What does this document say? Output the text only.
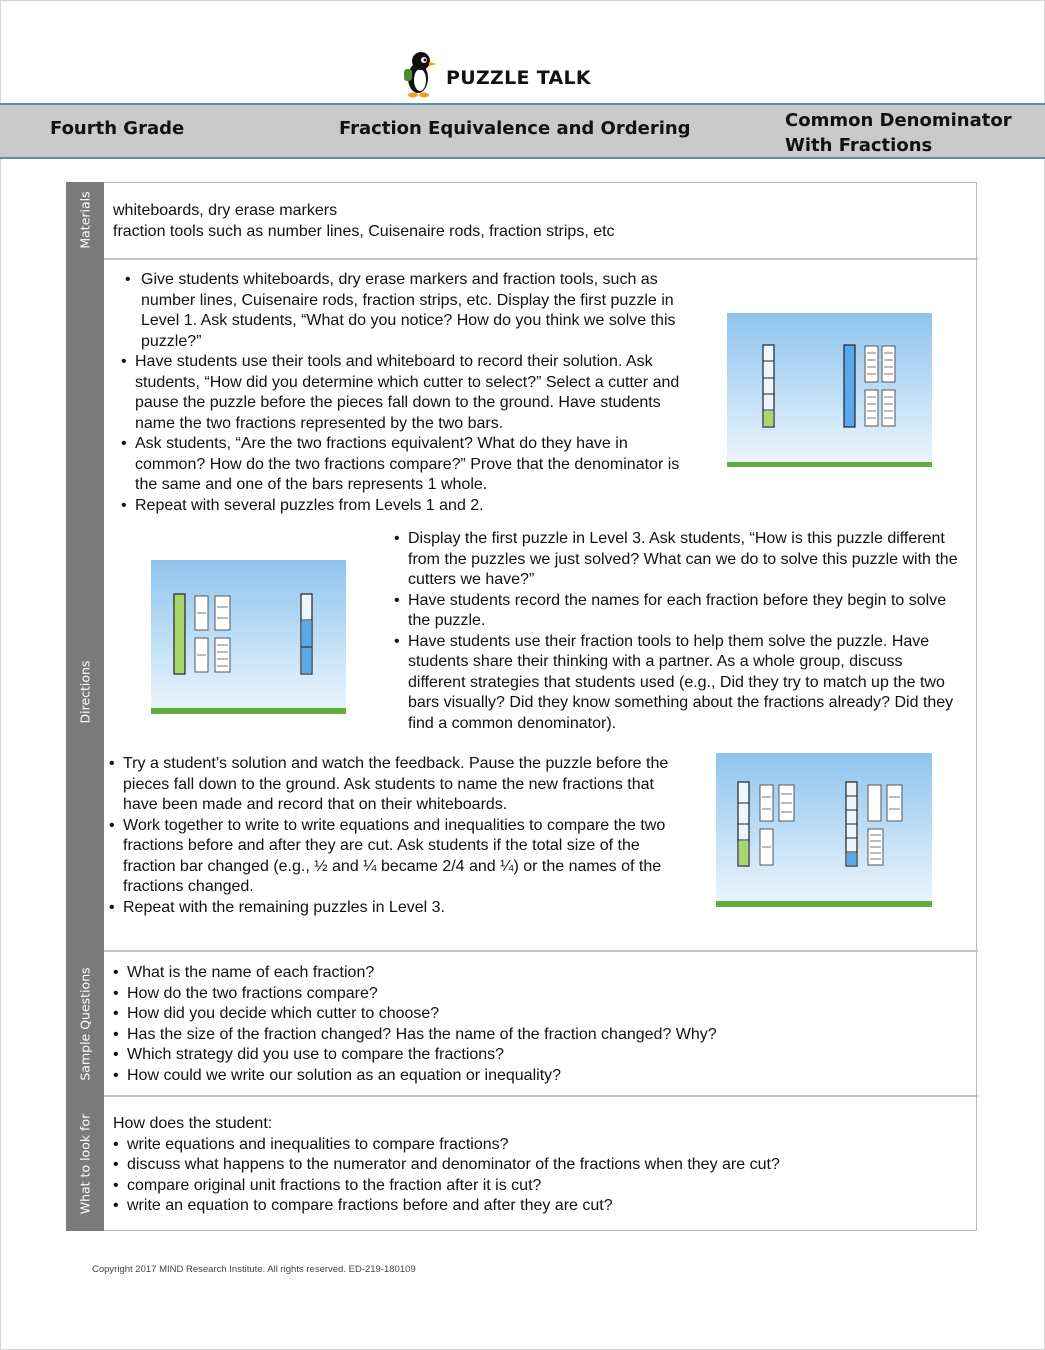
PUZZLE TALK
Fourth Grade	Fraction Equivalence and Ordering	Common Denominator
With Fractions
Materials
Directions
Sample Questions
What to look for
whiteboards, dry erase markers
fraction tools such as number lines, Cuisenaire rods, fraction strips, etc
• Give students whiteboards, dry erase markers and fraction tools, such as number lines, Cuisenaire rods, fraction strips, etc. Display the first puzzle in Level 1. Ask students, “What do you notice? How do you think we solve this puzzle?”
• Have students use their tools and whiteboard to record their solution. Ask students, “How did you determine which cutter to select?” Select a cutter and pause the puzzle before the pieces fall down to the ground. Have students name the two fractions represented by the two bars.
• Ask students, “Are the two fractions equivalent? What do they have in common? How do the two fractions compare?” Prove that the denominator is the same and one of the bars represents 1 whole.
• Repeat with several puzzles from Levels 1 and 2.
• Display the first puzzle in Level 3. Ask students, “How is this puzzle different from the puzzles we just solved? What can we do to solve this puzzle with the cutters we have?”
• Have students record the names for each fraction before they begin to solve the puzzle.
• Have students use their fraction tools to help them solve the puzzle. Have students share their thinking with a partner. As a whole group, discuss different strategies that students used (e.g., Did they try to match up the two bars visually? Did they know something about the fractions already? Did they find a common denominator).
• Try a student’s solution and watch the feedback. Pause the puzzle before the pieces fall down to the ground. Ask students to name the new fractions that have been made and record that on their whiteboards.
• Work together to write to write equations and inequalities to compare the two fractions before and after they are cut. Ask students if the total size of the fraction bar changed (e.g., ½ and ¼ became 2/4 and ¼) or the names of the fractions changed.
• Repeat with the remaining puzzles in Level 3.
• What is the name of each fraction?
• How do the two fractions compare?
• How did you decide which cutter to choose?
• Has the size of the fraction changed? Has the name of the fraction changed? Why?
• Which strategy did you use to compare the fractions?
• How could we write our solution as an equation or inequality?
How does the student:
• write equations and inequalities to compare fractions?
• discuss what happens to the numerator and denominator of the fractions when they are cut?
• compare original unit fractions to the fraction after it is cut?
• write an equation to compare fractions before and after they are cut?
Copyright 2017 MIND Research Institute. All rights reserved. ED-219-180109
